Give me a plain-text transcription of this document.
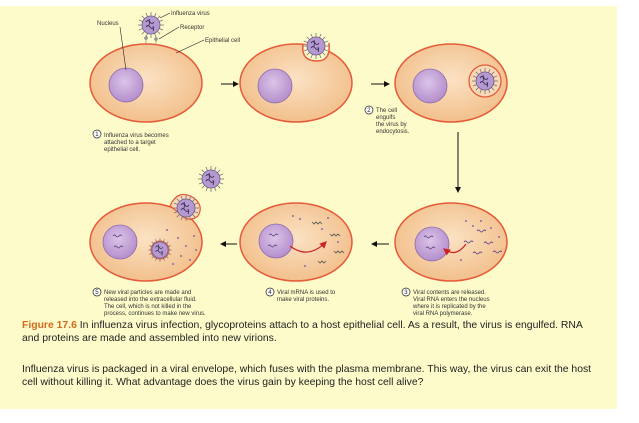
Nucleus
Influenza virus
Receptor
Epithelial cell
1 Influenza virus becomes
attached to a target
epithelial cell.
2 The cell
engulfs
the virus by
endocytosis.
3 Viral contents are released.
Viral RNA enters the nucleus
where it is replicated by the
viral RNA polymerase.
4 Viral mRNA is used to
make viral proteins.
5 New viral particles are made and
released into the extracellular fluid.
The cell, which is not killed in the
process, continues to make new virus.

Figure 17.6 In influenza virus infection, glycoproteins attach to a host epithelial cell. As a result, the virus is engulfed. RNA and proteins are made and assembled into new virions.

Influenza virus is packaged in a viral envelope, which fuses with the plasma membrane. This way, the virus can exit the host cell without killing it. What advantage does the virus gain by keeping the host cell alive?
